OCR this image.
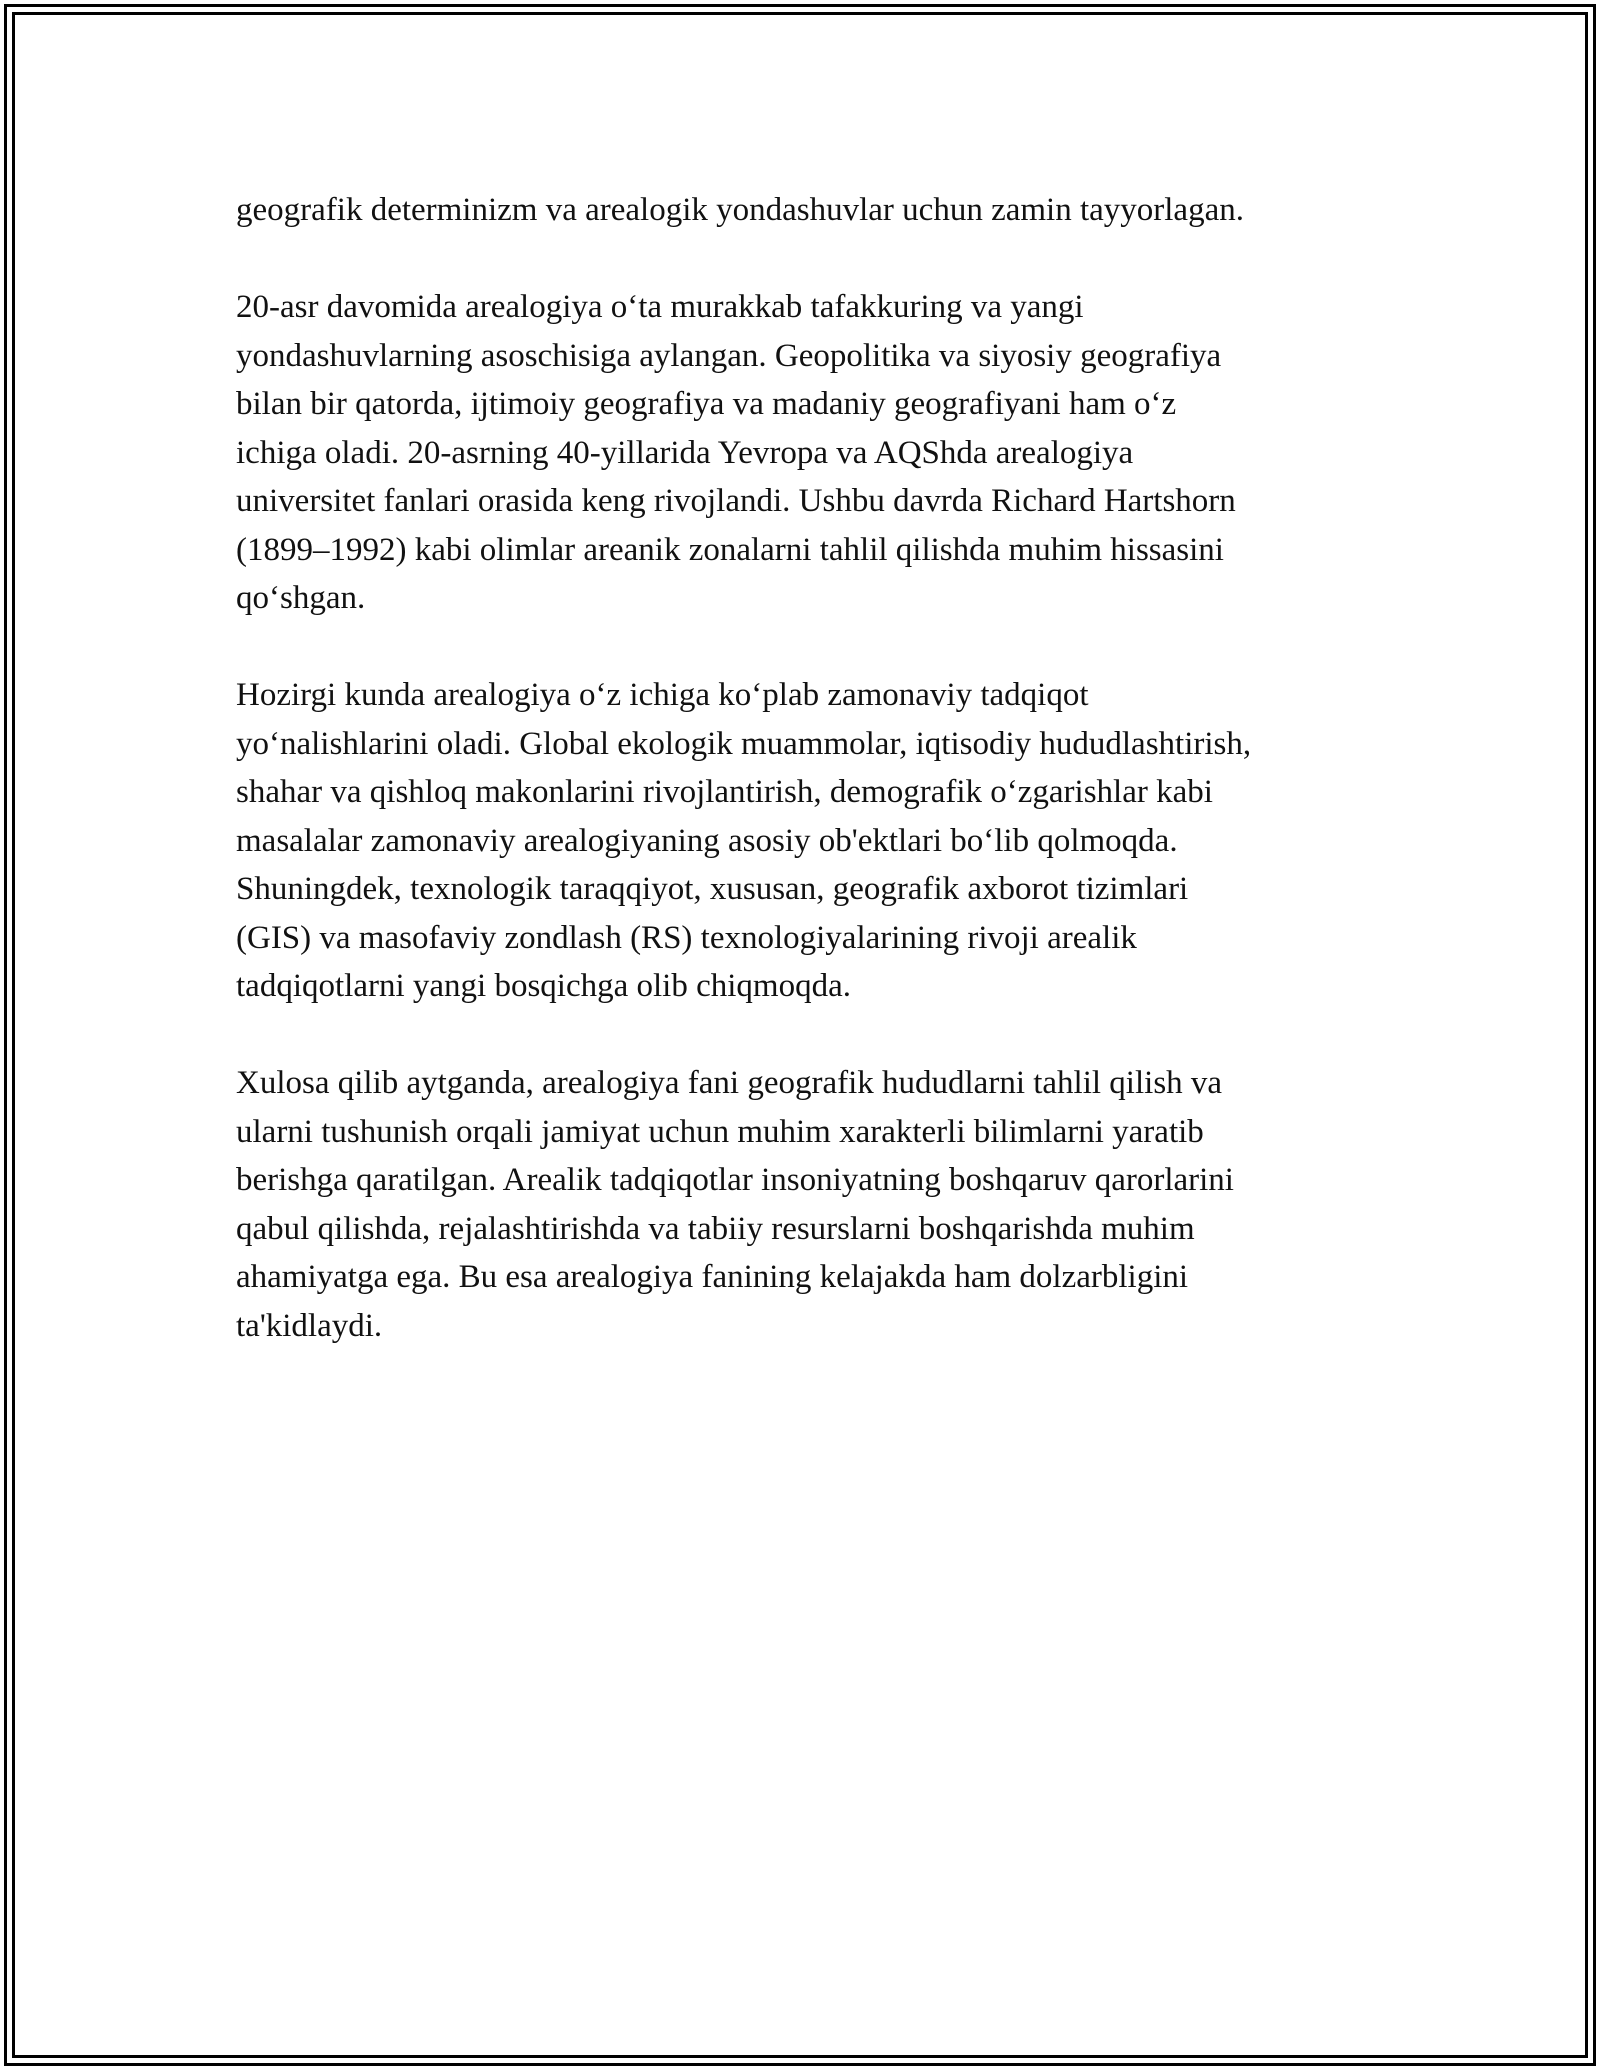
geografik determinizm va arealogik yondashuvlar uchun zamin tayyorlagan.

20-asr davomida arealogiya o‘ta murakkab tafakkuring va yangi
yondashuvlarning asoschisiga aylangan. Geopolitika va siyosiy geografiya
bilan bir qatorda, ijtimoiy geografiya va madaniy geografiyani ham o‘z
ichiga oladi. 20-asrning 40-yillarida Yevropa va AQShda arealogiya
universitet fanlari orasida keng rivojlandi. Ushbu davrda Richard Hartshorn
(1899–1992) kabi olimlar areanik zonalarni tahlil qilishda muhim hissasini
qo‘shgan.

Hozirgi kunda arealogiya o‘z ichiga ko‘plab zamonaviy tadqiqot
yo‘nalishlarini oladi. Global ekologik muammolar, iqtisodiy hududlashtirish,
shahar va qishloq makonlarini rivojlantirish, demografik o‘zgarishlar kabi
masalalar zamonaviy arealogiyaning asosiy ob'ektlari bo‘lib qolmoqda.
Shuningdek, texnologik taraqqiyot, xususan, geografik axborot tizimlari
(GIS) va masofaviy zondlash (RS) texnologiyalarining rivoji arealik
tadqiqotlarni yangi bosqichga olib chiqmoqda.

Xulosa qilib aytganda, arealogiya fani geografik hududlarni tahlil qilish va
ularni tushunish orqali jamiyat uchun muhim xarakterli bilimlarni yaratib
berishga qaratilgan. Arealik tadqiqotlar insoniyatning boshqaruv qarorlarini
qabul qilishda, rejalashtirishda va tabiiy resurslarni boshqarishda muhim
ahamiyatga ega. Bu esa arealogiya fanining kelajakda ham dolzarbligini
ta'kidlaydi.
